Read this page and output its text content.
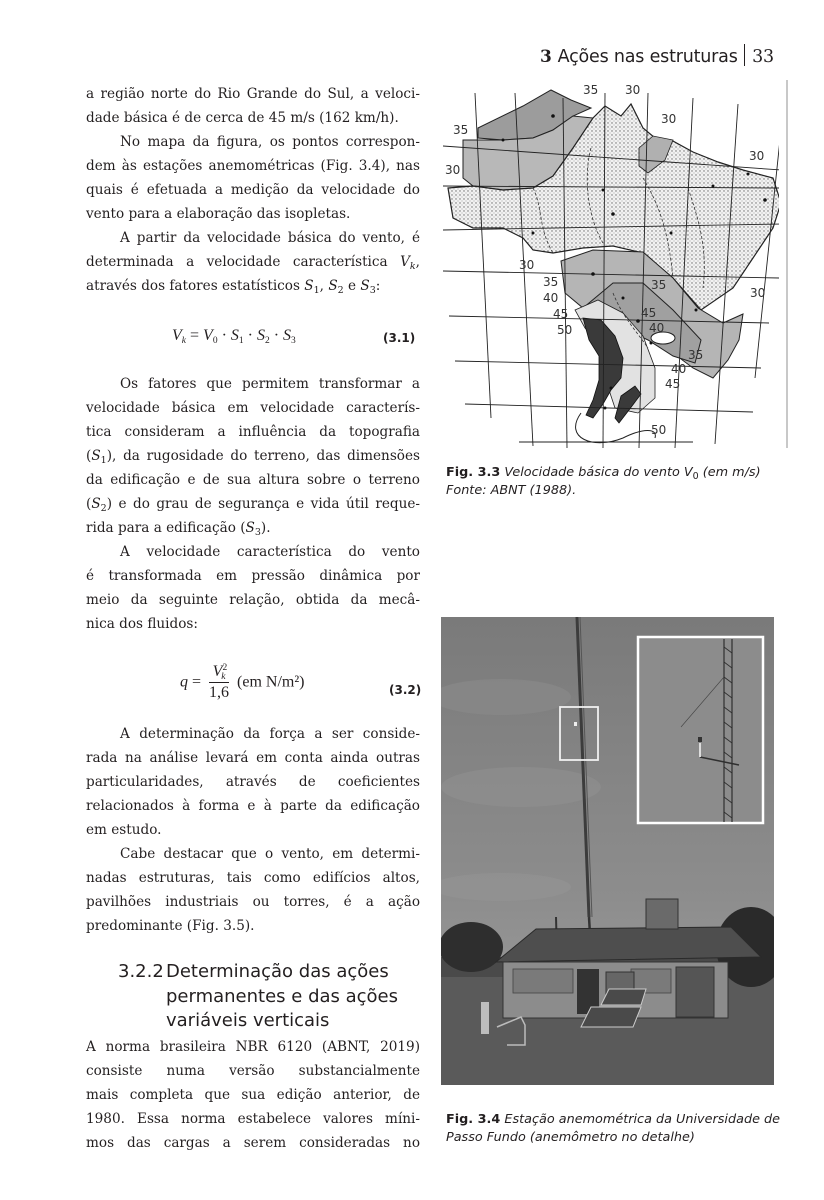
3 Ações nas estruturas 33
a região norte do Rio Grande do Sul, a veloci-
dade básica é de cerca de 45 m/s (162 km/h).
No mapa da figura, os pontos correspon-
dem às estações anemométricas (Fig. 3.4), nas
quais é efetuada a medição da velocidade do
vento para a elaboração das isopletas.
A partir da velocidade básica do vento, é
determinada a velocidade característica $V_k$,
através dos fatores estatísticos $S_1$, $S_2$ e $S_3$:
$V_k = V_0 \cdot S_1 \cdot S_2 \cdot S_3$	(3.1)
Os fatores que permitem transformar a
velocidade básica em velocidade caracterís-
tica consideram a influência da topografia
$(S_1)$, da rugosidade do terreno, das dimensões
da edificação e de sua altura sobre o terreno
$(S_2)$ e do grau de segurança e vida útil reque-
rida para a edificação $(S_3)$.
A velocidade característica do vento
é transformada em pressão dinâmica por
meio da seguinte relação, obtida da mecâ-
nica dos fluidos:
$q = \frac{V^2_k}{1,6} (em$ N/m²)	(3.2)
A determinação da força a ser conside-
rada na análise levará em conta ainda outras
particularidades, através de coeficientes
relacionados à forma e à parte da edificação
em estudo.
Cabe destacar que o vento, em determi-
nadas estruturas, tais como edifícios altos,
pavilhões industriais ou torres, é a ação
predominante (Fig. 3.5).
3.2.2 Determinação das ações
permanentes e das ações
variáveis verticais
A norma brasileira NBR 6120 (ABNT, 2019)
consiste numa versão substancialmente
mais completa que sua edição anterior, de
1980. Essa norma estabelece valores míni-
mos das cargas a serem consideradas no
35 30
35
30
30
30
30
35
40
35
30
45	45
50	40
35
40
45
50
Fig. 3.3 Velocidade básica do vento $V_0$ (em m/s)
Fonte: ABNT (1988).
Fig. 3.4 Estação anemométrica da Universidade de
Passo Fundo (anemômetro no detalhe)
